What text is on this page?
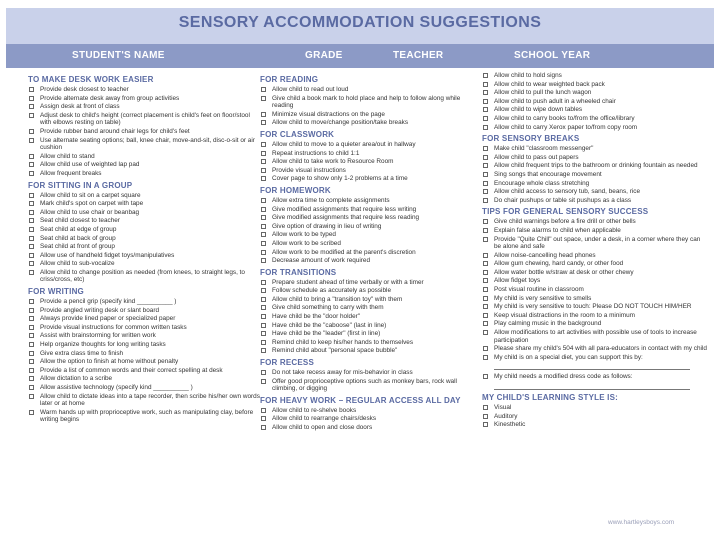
SENSORY ACCOMMODATION SUGGESTIONS
STUDENT'S NAME	GRADE	TEACHER	SCHOOL YEAR
TO MAKE DESK WORK EASIER
Provide desk closest to teacher
Provide alternate desk away from group activities
Assign desk at front of class
Adjust desk to child's height (correct placement is child's feet on floor/stool with elbows resting on table)
Provide rubber band around chair legs for child's feet
Use alternate seating options; ball, knee chair, move-and-sit, disc-o-sit or air cushion
Allow child to stand
Allow child use of weighted lap pad
Allow frequent breaks
FOR SITTING IN A GROUP
Allow child to sit on a carpet square
Mark child's spot on carpet with tape
Allow child to use chair or beanbag
Seat child closest to teacher
Seat child at edge of group
Seat child at back of group
Seat child at front of group
Allow use of handheld fidget toys/manipulatives
Allow child to sub-vocalize
Allow child to change position as needed (from knees, to straight legs, to criss/cross, etc)
FOR WRITING
Provide a pencil grip (specify kind __________ )
Provide angled writing desk or slant board
Always provide lined paper or specialized paper
Provide visual instructions for common written tasks
Assist with brainstorming for written work
Help organize thoughts for long writing tasks
Give extra class time to finish
Allow the option to finish at home without penalty
Provide a list of common words and their correct spelling at desk
Allow dictation to a scribe
Allow assistive technology (specify kind __________ )
Allow child to dictate ideas into a tape recorder, then scribe his/her own words later or at home
Warm hands up with proprioceptive work, such as manipulating clay, before writing begins
FOR READING
Allow child to read out loud
Give child a book mark to hold place and help to follow along while reading
Minimize visual distractions on the page
Allow child to move/change position/take breaks
FOR CLASSWORK
Allow child to move to a quieter area/out in hallway
Repeat instructions to child 1:1
Allow child to take work to Resource Room
Provide visual instructions
Cover page to show only 1-2 problems at a time
FOR HOMEWORK
Allow extra time to complete assignments
Give modified assignments that require less writing
Give modified assignments that require less reading
Give option of drawing in lieu of writing
Allow work to be typed
Allow work to be scribed
Allow work to be modified at the parent's discretion
Decrease amount of work required
FOR TRANSITIONS
Prepare student ahead of time verbally or with a timer
Follow schedule as accurately as possible
Allow child to bring a "transition toy" with them
Give child something to carry with them
Have child be the "door holder"
Have child be the "caboose" (last in line)
Have child be the "leader" (first in line)
Remind child to keep his/her hands to themselves
Remind child about "personal space bubble"
FOR RECESS
Do not take recess away for mis-behavior in class
Offer good proprioceptive options such as monkey bars, rock wall climbing, or digging
FOR HEAVY WORK – REGULAR ACCESS ALL DAY
Allow child to re-shelve books
Allow child to rearrange chairs/desks
Allow child to open and close doors
Allow child to hold signs
Allow child to wear weighted back pack
Allow child to pull the lunch wagon
Allow child to push adult in a wheeled chair
Allow child to wipe down tables
Allow child to carry books to/from the office/library
Allow child to carry Xerox paper to/from copy room
FOR SENSORY BREAKS
Make child "classroom messenger"
Allow child to pass out papers
Allow child frequent trips to the bathroom or drinking fountain as needed
Sing songs that encourage movement
Encourage whole class stretching
Allow child access to sensory tub, sand, beans, rice
Do chair pushups or table sit pushups as a class
TIPS FOR GENERAL SENSORY SUCCESS
Give child warnings before a fire drill or other bells
Explain false alarms to child when applicable
Provide "Quite Chill" out space, under a desk, in a corner where they can be alone and safe
Allow noise-cancelling head phones
Allow gum chewing, hard candy, or other food
Allow water bottle w/straw at desk or other chewy
Allow fidget toys
Post visual routine in classroom
My child is very sensitive to smells
My child is very sensitive to touch: Please DO NOT TOUCH HIM/HER
Keep visual distractions in the room to a minimum
Play calming music in the background
Allow modifications to art activities with possible use of tools to increase participation
Please share my child's 504 with all para-educators in contact with my child
My child is on a special diet, you can support this by:
My child needs a modified dress code as follows:
MY CHILD'S LEARNING STYLE IS:
Visual
Auditory
Kinesthetic
www.hartleysboys.com
